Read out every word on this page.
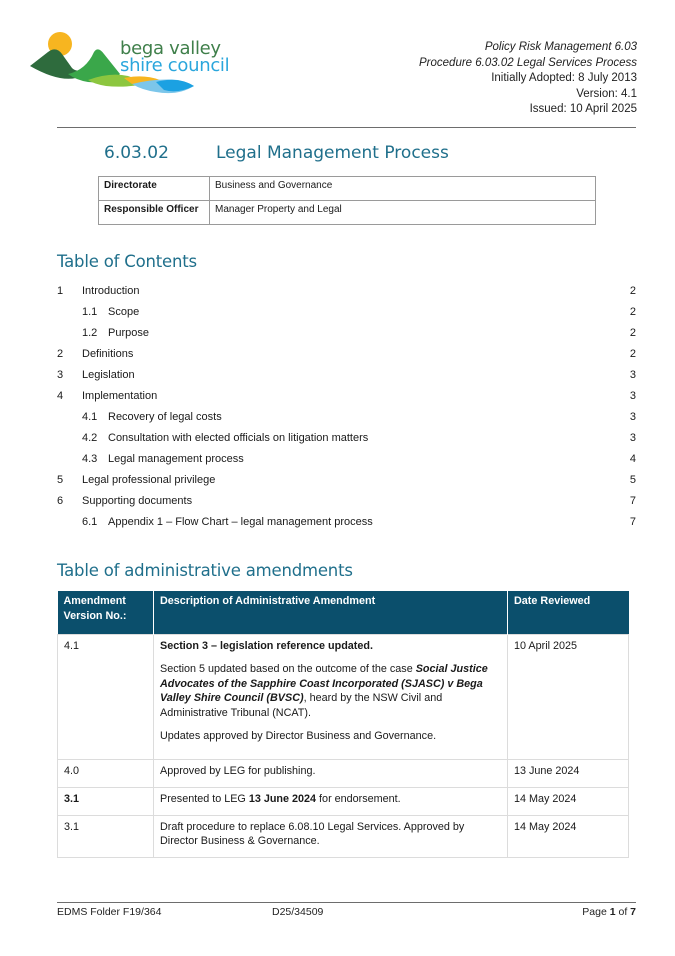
bega valley
shire council
Policy Risk Management 6.03
Procedure 6.03.02 Legal Services Process
Initially Adopted: 8 July 2013
Version: 4.1
Issued: 10 April 2025
6.03.02	Legal Management Process
Directorate	Business and Governance
Responsible Officer	Manager Property and Legal
Table of Contents
1	Introduction	2
1.1 Scope	2
1.2 Purpose	2
2	Definitions	2
3	Legislation	3
4	Implementation	3
4.1 Recovery of legal costs	3
4.2 Consultation with elected officials on litigation matters	3
4.3 Legal management process	4
5	Legal professional privilege	5
6	Supporting documents	7
6.1 Appendix 1 – Flow Chart – legal management process	7
Table of administrative amendments
Amendment Version No.:	Description of Administrative Amendment	Date Reviewed
4.1	Section 3 – legislation reference updated.

Section 5 updated based on the outcome of the case Social Justice Advocates of the Sapphire Coast Incorporated (SJASC) v Bega Valley Shire Council (BVSC), heard by the NSW Civil and Administrative Tribunal (NCAT).

Updates approved by Director Business and Governance.	10 April 2025
4.0	Approved by LEG for publishing.	13 June 2024
3.1	Presented to LEG 13 June 2024 for endorsement.	14 May 2024
3.1	Draft procedure to replace 6.08.10 Legal Services. Approved by Director Business & Governance.	14 May 2024
EDMS Folder F19/364	D25/34509	Page 1 of 7
